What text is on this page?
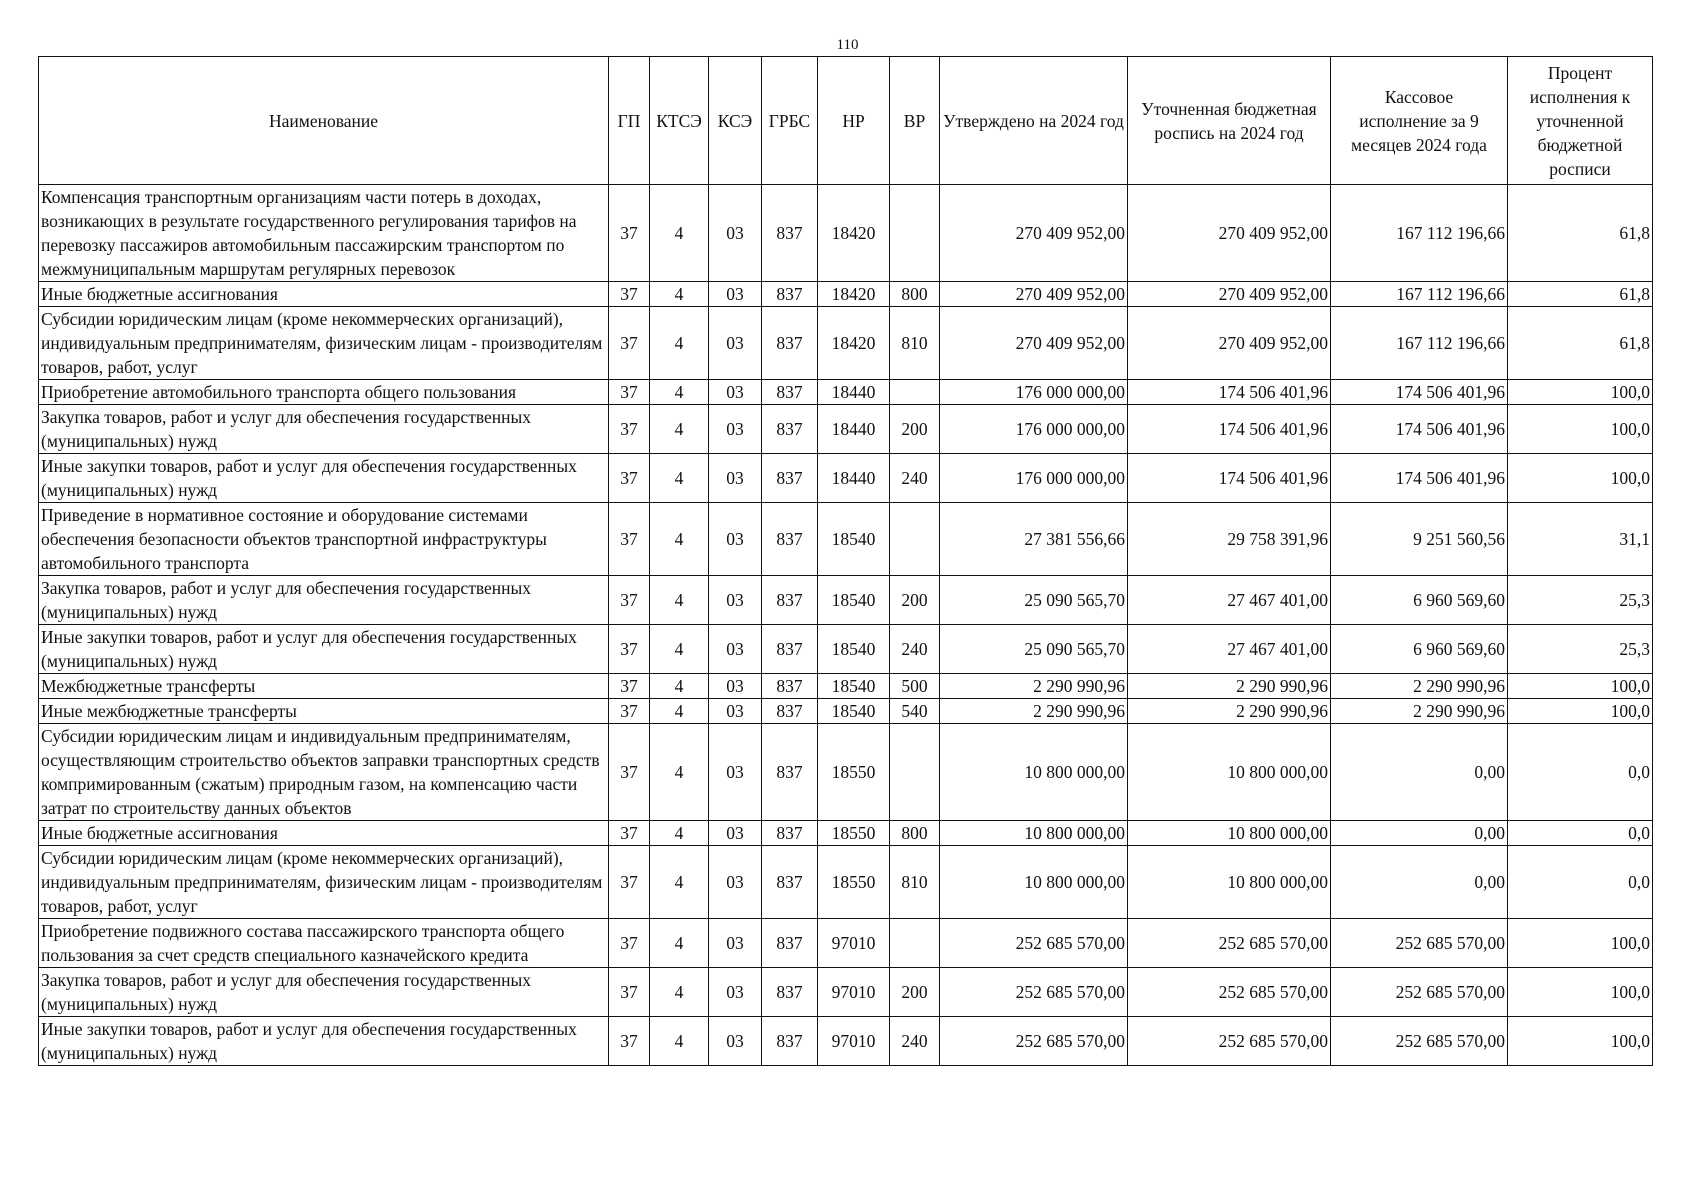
110
Наименование	ГП	КТСЭ	КСЭ	ГРБС	НР	ВР	Утверждено на 2024 год	Уточненная бюджетная роспись на 2024 год	Кассовое исполнение за 9 месяцев 2024 года	Процент исполнения к уточненной бюджетной росписи
Компенсация транспортным организациям части потерь в доходах, возникающих в результате государственного регулирования тарифов на перевозку пассажиров автомобильным пассажирским транспортом по межмуниципальным маршрутам регулярных перевозок	37	4	03	837	18420		270 409 952,00	270 409 952,00	167 112 196,66	61,8
Иные бюджетные ассигнования	37	4	03	837	18420	800	270 409 952,00	270 409 952,00	167 112 196,66	61,8
Субсидии юридическим лицам (кроме некоммерческих организаций), индивидуальным предпринимателям, физическим лицам - производителям товаров, работ, услуг	37	4	03	837	18420	810	270 409 952,00	270 409 952,00	167 112 196,66	61,8
Приобретение автомобильного транспорта общего пользования	37	4	03	837	18440		176 000 000,00	174 506 401,96	174 506 401,96	100,0
Закупка товаров, работ и услуг для обеспечения государственных (муниципальных) нужд	37	4	03	837	18440	200	176 000 000,00	174 506 401,96	174 506 401,96	100,0
Иные закупки товаров, работ и услуг для обеспечения государственных (муниципальных) нужд	37	4	03	837	18440	240	176 000 000,00	174 506 401,96	174 506 401,96	100,0
Приведение в нормативное состояние и оборудование системами обеспечения безопасности объектов транспортной инфраструктуры автомобильного транспорта	37	4	03	837	18540		27 381 556,66	29 758 391,96	9 251 560,56	31,1
Закупка товаров, работ и услуг для обеспечения государственных (муниципальных) нужд	37	4	03	837	18540	200	25 090 565,70	27 467 401,00	6 960 569,60	25,3
Иные закупки товаров, работ и услуг для обеспечения государственных (муниципальных) нужд	37	4	03	837	18540	240	25 090 565,70	27 467 401,00	6 960 569,60	25,3
Межбюджетные трансферты	37	4	03	837	18540	500	2 290 990,96	2 290 990,96	2 290 990,96	100,0
Иные межбюджетные трансферты	37	4	03	837	18540	540	2 290 990,96	2 290 990,96	2 290 990,96	100,0
Субсидии юридическим лицам и индивидуальным предпринимателям, осуществляющим строительство объектов заправки транспортных средств компримированным (сжатым) природным газом, на компенсацию части затрат по строительству данных объектов	37	4	03	837	18550		10 800 000,00	10 800 000,00	0,00	0,0
Иные бюджетные ассигнования	37	4	03	837	18550	800	10 800 000,00	10 800 000,00	0,00	0,0
Субсидии юридическим лицам (кроме некоммерческих организаций), индивидуальным предпринимателям, физическим лицам - производителям товаров, работ, услуг	37	4	03	837	18550	810	10 800 000,00	10 800 000,00	0,00	0,0
Приобретение подвижного состава пассажирского транспорта общего пользования за счет средств специального казначейского кредита	37	4	03	837	97010		252 685 570,00	252 685 570,00	252 685 570,00	100,0
Закупка товаров, работ и услуг для обеспечения государственных (муниципальных) нужд	37	4	03	837	97010	200	252 685 570,00	252 685 570,00	252 685 570,00	100,0
Иные закупки товаров, работ и услуг для обеспечения государственных (муниципальных) нужд	37	4	03	837	97010	240	252 685 570,00	252 685 570,00	252 685 570,00	100,0
